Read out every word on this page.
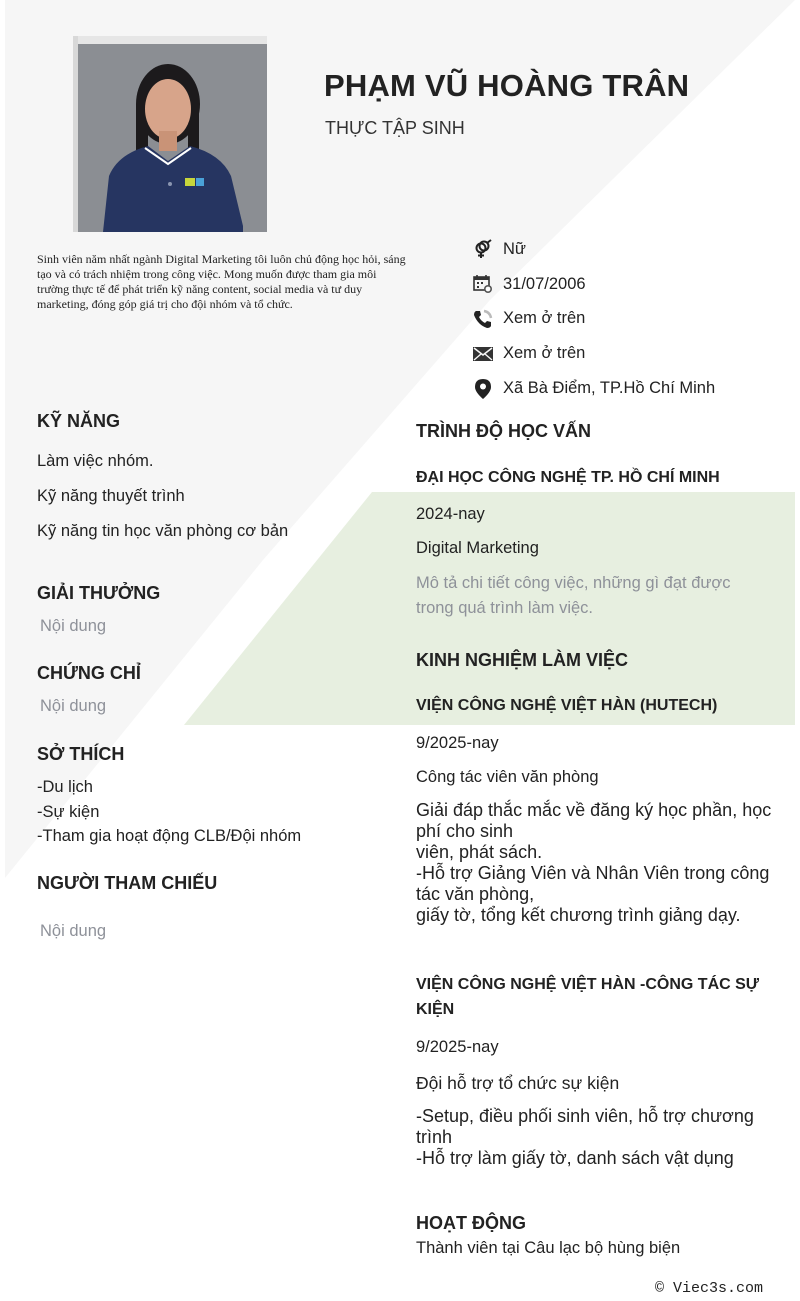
PHẠM VŨ HOÀNG TRÂN
THỰC TẬP SINH
Sinh viên năm nhất ngành Digital Marketing tôi luôn chủ động học hỏi, sáng tạo và có trách nhiệm trong công việc. Mong muốn được tham gia môi trường thực tế để phát triển kỹ năng content, social media và tư duy marketing, đóng góp giá trị cho đội nhóm và tổ chức.
Nữ
31/07/2006
Xem ở trên
Xem ở trên
Xã Bà Điểm, TP.Hồ Chí Minh
KỸ NĂNG
Làm việc nhóm.
Kỹ năng thuyết trình
Kỹ năng tin học văn phòng cơ bản
GIẢI THƯỞNG
Nội dung
CHỨNG CHỈ
Nội dung
SỞ THÍCH
-Du lịch
-Sự kiện
-Tham gia hoạt động CLB/Đội nhóm
NGƯỜI THAM CHIẾU
Nội dung
TRÌNH ĐỘ HỌC VẤN
ĐẠI HỌC CÔNG NGHỆ TP. HỒ CHÍ MINH
2024-nay
Digital Marketing
Mô tả chi tiết công việc, những gì đạt được
trong quá trình làm việc.
KINH NGHIỆM LÀM VIỆC
VIỆN CÔNG NGHỆ VIỆT HÀN (HUTECH)
9/2025-nay
Công tác viên văn phòng
Giải đáp thắc mắc về đăng ký học phần, học
phí cho sinh
viên, phát sách.
-Hỗ trợ Giảng Viên và Nhân Viên trong công
tác văn phòng,
giấy tờ, tổng kết chương trình giảng dạy.
VIỆN CÔNG NGHỆ VIỆT HÀN -CÔNG TÁC SỰ
KIỆN
9/2025-nay
Đội hỗ trợ tổ chức sự kiện
-Setup, điều phối sinh viên, hỗ trợ chương
trình
-Hỗ trợ làm giấy tờ, danh sách vật dụng
HOẠT ĐỘNG
Thành viên tại Câu lạc bộ hùng biện
© Viec3s.com
